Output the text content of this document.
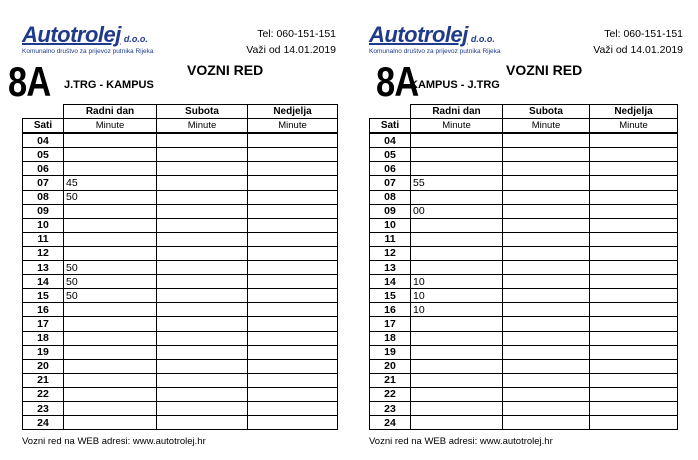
Autotrolej d.o.o.
Komunalno društvo za prijevoz putnika Rijeka
Tel: 060-151-151
Važi od 14.01.2019
8A	VOZNI RED
J.TRG - KAMPUS
	Radni dan	Subota	Nedjelja
Sati	Minute	Minute	Minute
04			
05			
06			
07	45		
08	50		
09			
10			
11			
12			
13	50		
14	50		
15	50		
16			
17			
18			
19			
20			
21			
22			
23			
24			
Vozni red na WEB adresi: www.autotrolej.hr
Autotrolej d.o.o.
Komunalno društvo za prijevoz putnika Rijeka
Tel: 060-151-151
Važi od 14.01.2019
8A	VOZNI RED
KAMPUS - J.TRG
	Radni dan	Subota	Nedjelja
Sati	Minute	Minute	Minute
04			
05			
06			
07	55		
08			
09	00		
10			
11			
12			
13			
14	10		
15	10		
16	10		
17			
18			
19			
20			
21			
22			
23			
24			
Vozni red na WEB adresi: www.autotrolej.hr
